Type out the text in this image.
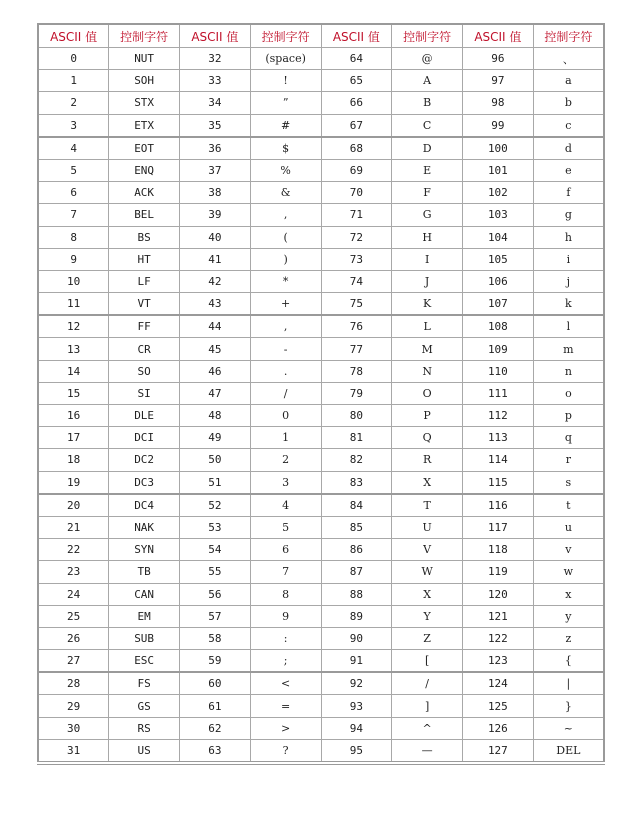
ASCII 值	控制字符	ASCII 值	控制字符	ASCII 值	控制字符	ASCII 值	控制字符
0	NUT	32	(space)	64	@	96	、
1	SOH	33	!	65	A	97	a
2	STX	34	”	66	B	98	b
3	ETX	35	#	67	C	99	c
4	EOT	36	$	68	D	100	d
5	ENQ	37	%	69	E	101	e
6	ACK	38	&	70	F	102	f
7	BEL	39	,	71	G	103	g
8	BS	40	(	72	H	104	h
9	HT	41	)	73	I	105	i
10	LF	42	*	74	J	106	j
11	VT	43	+	75	K	107	k
12	FF	44	,	76	L	108	l
13	CR	45	-	77	M	109	m
14	SO	46	.	78	N	110	n
15	SI	47	/	79	O	111	o
16	DLE	48	0	80	P	112	p
17	DCI	49	1	81	Q	113	q
18	DC2	50	2	82	R	114	r
19	DC3	51	3	83	X	115	s
20	DC4	52	4	84	T	116	t
21	NAK	53	5	85	U	117	u
22	SYN	54	6	86	V	118	v
23	TB	55	7	87	W	119	w
24	CAN	56	8	88	X	120	x
25	EM	57	9	89	Y	121	y
26	SUB	58	:	90	Z	122	z
27	ESC	59	;	91	[	123	{
28	FS	60	<	92	/	124	|
29	GS	61	=	93	]	125	}
30	RS	62	>	94	^	126	~
31	US	63	?	95	—	127	DEL
